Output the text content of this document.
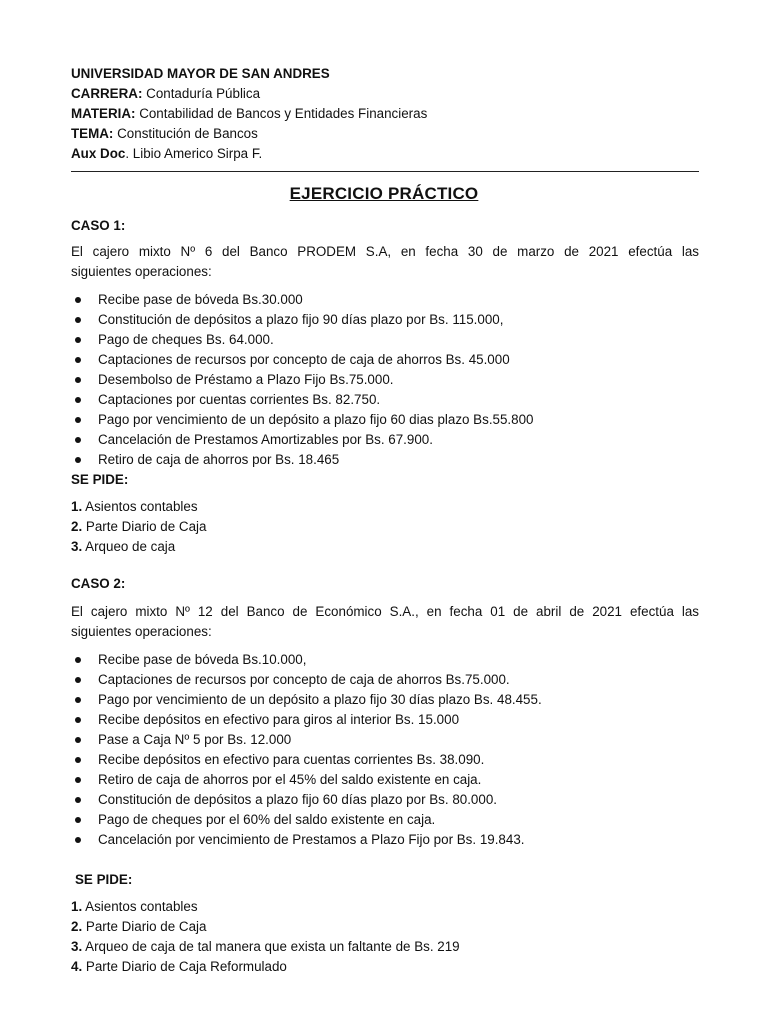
UNIVERSIDAD MAYOR DE SAN ANDRES
CARRERA: Contaduría Pública
MATERIA: Contabilidad de Bancos y Entidades Financieras
TEMA: Constitución de Bancos
Aux Doc. Libio Americo Sirpa F.
EJERCICIO PRÁCTICO
CASO 1:
El cajero mixto Nº 6 del Banco PRODEM S.A, en fecha 30 de marzo de 2021 efectúa las
siguientes operaciones:
Recibe pase de bóveda Bs.30.000
Constitución de depósitos a plazo fijo 90 días plazo por Bs. 115.000,
Pago de cheques Bs. 64.000.
Captaciones de recursos por concepto de caja de ahorros Bs. 45.000
Desembolso de Préstamo a Plazo Fijo Bs.75.000.
Captaciones por cuentas corrientes Bs. 82.750.
Pago por vencimiento de un depósito a plazo fijo 60 dias plazo Bs.55.800
Cancelación de Prestamos Amortizables por Bs. 67.900.
Retiro de caja de ahorros por Bs. 18.465
SE PIDE:
1. Asientos contables
2. Parte Diario de Caja
3. Arqueo de caja
CASO 2:
El cajero mixto Nº 12 del Banco de Económico S.A., en fecha 01 de abril de 2021 efectúa las
siguientes operaciones:
Recibe pase de bóveda Bs.10.000,
Captaciones de recursos por concepto de caja de ahorros Bs.75.000.
Pago por vencimiento de un depósito a plazo fijo 30 días plazo Bs. 48.455.
Recibe depósitos en efectivo para giros al interior Bs. 15.000
Pase a Caja Nº 5 por Bs. 12.000
Recibe depósitos en efectivo para cuentas corrientes Bs. 38.090.
Retiro de caja de ahorros por el 45% del saldo existente en caja.
Constitución de depósitos a plazo fijo 60 días plazo por Bs. 80.000.
Pago de cheques por el 60% del saldo existente en caja.
Cancelación por vencimiento de Prestamos a Plazo Fijo por Bs. 19.843.
SE PIDE:
1. Asientos contables
2. Parte Diario de Caja
3. Arqueo de caja de tal manera que exista un faltante de Bs. 219
4. Parte Diario de Caja Reformulado
